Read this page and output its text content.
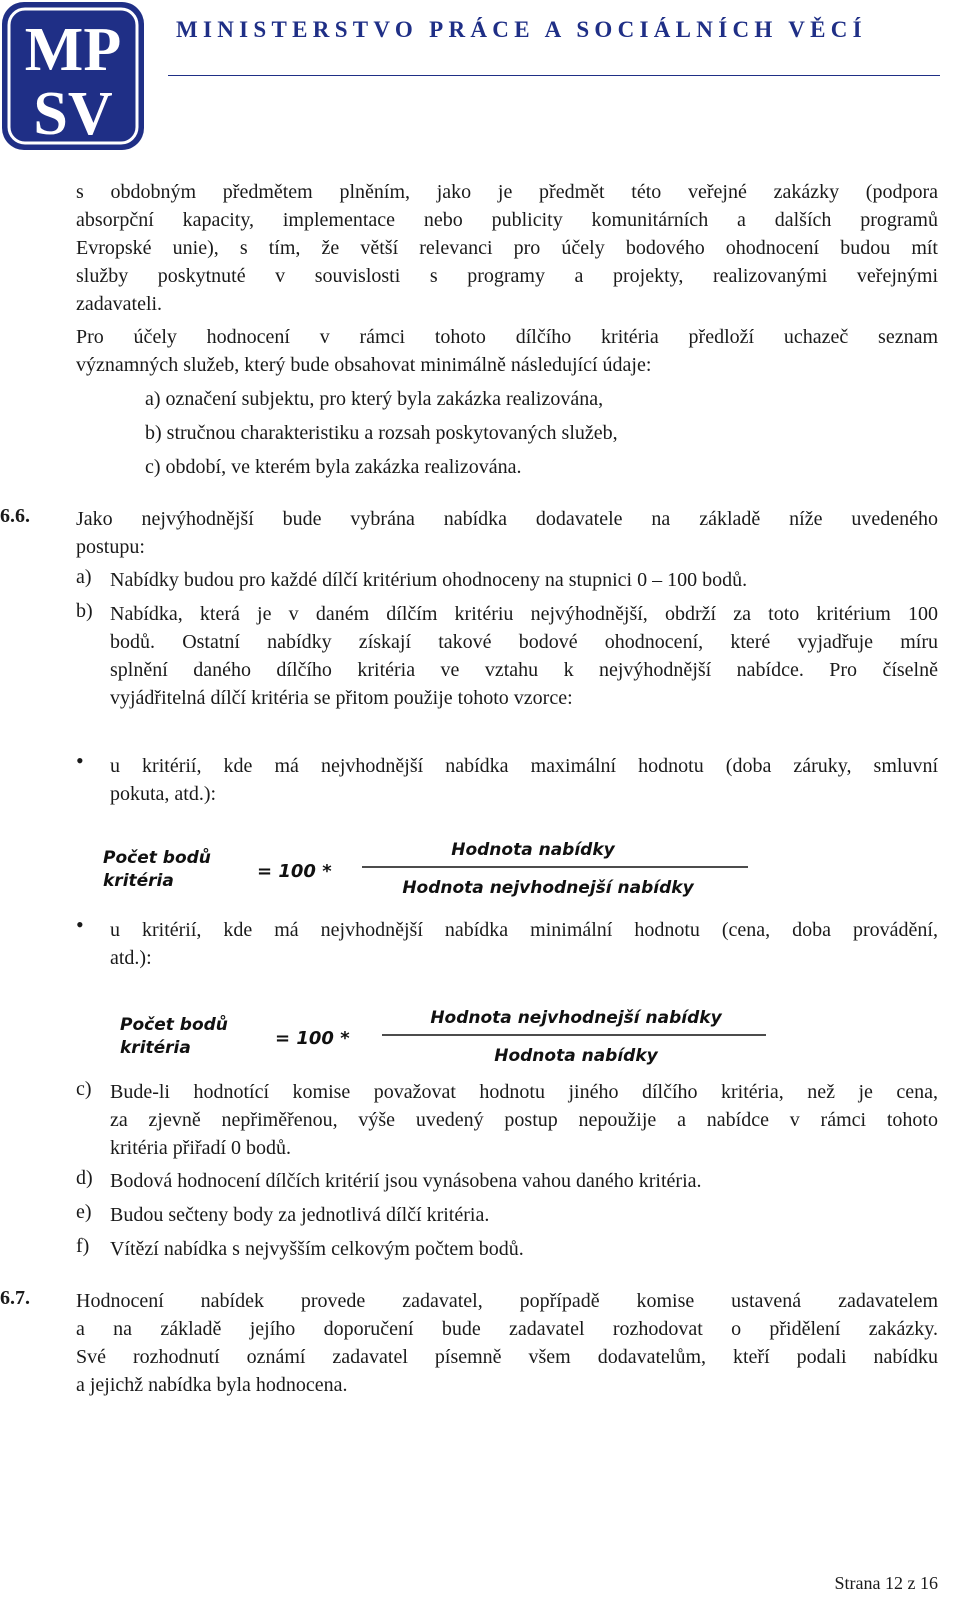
MP
SV
MINISTERSTVO PRÁCE A SOCIÁLNÍCH VĚCÍ

s obdobným předmětem plněním, jako je předmět této veřejné zakázky (podpora

absorpční kapacity, implementace nebo publicity komunitárních a dalších programů

Evropské unie), s tím, že větší relevanci pro účely bodového ohodnocení budou mít

služby poskytnuté v souvislosti s programy a projekty, realizovanými veřejnými

zadavateli.

Pro účely hodnocení v rámci tohoto dílčího kritéria předloží uchazeč seznam

významných služeb, který bude obsahovat minimálně následující údaje:

a) označení subjektu, pro který byla zakázka realizována,

b) stručnou charakteristiku a rozsah poskytovaných služeb,

c) období, ve kterém byla zakázka realizována.

6.6. Jako nejvýhodnější bude vybrána nabídka dodavatele na základě níže uvedeného

postupu:

a) Nabídky budou pro každé dílčí kritérium ohodnoceny na stupnici 0 – 100 bodů.

b) Nabídka, která je v daném dílčím kritériu nejvýhodnější, obdrží za toto kritérium 100

bodů. Ostatní nabídky získají takové bodové ohodnocení, které vyjadřuje míru

splnění daného dílčího kritéria ve vztahu k nejvýhodnější nabídce. Pro číselně

vyjádřitelná dílčí kritéria se přitom použije tohoto vzorce:

• u kritérií, kde má nejvhodnější nabídka maximální hodnotu (doba záruky, smluvní

pokuta, atd.):

Počet bodů
kritéria	= 100 *
Hodnota nabídky
Hodnota nejvhodnejší nabídky
• u kritérií, kde má nejvhodnější nabídka minimální hodnotu (cena, doba provádění,

atd.):

Počet bodů
kritéria	= 100 *
Hodnota nejvhodnejší nabídky
Hodnota nabídky
c) Bude-li hodnotící komise považovat hodnotu jiného dílčího kritéria, než je cena,

za zjevně nepřiměřenou, výše uvedený postup nepoužije a nabídce v rámci tohoto

kritéria přiřadí 0 bodů.

d) Bodová hodnocení dílčích kritérií jsou vynásobena vahou daného kritéria.

e) Budou sečteny body za jednotlivá dílčí kritéria.

f) Vítězí nabídka s nejvyšším celkovým počtem bodů.

6.7. Hodnocení nabídek provede zadavatel, popřípadě komise ustavená zadavatelem

a na základě jejího doporučení bude zadavatel rozhodovat o přidělení zakázky.

Své rozhodnutí oznámí zadavatel písemně všem dodavatelům, kteří podali nabídku

a jejichž nabídka byla hodnocena.

Strana 12 z 16
